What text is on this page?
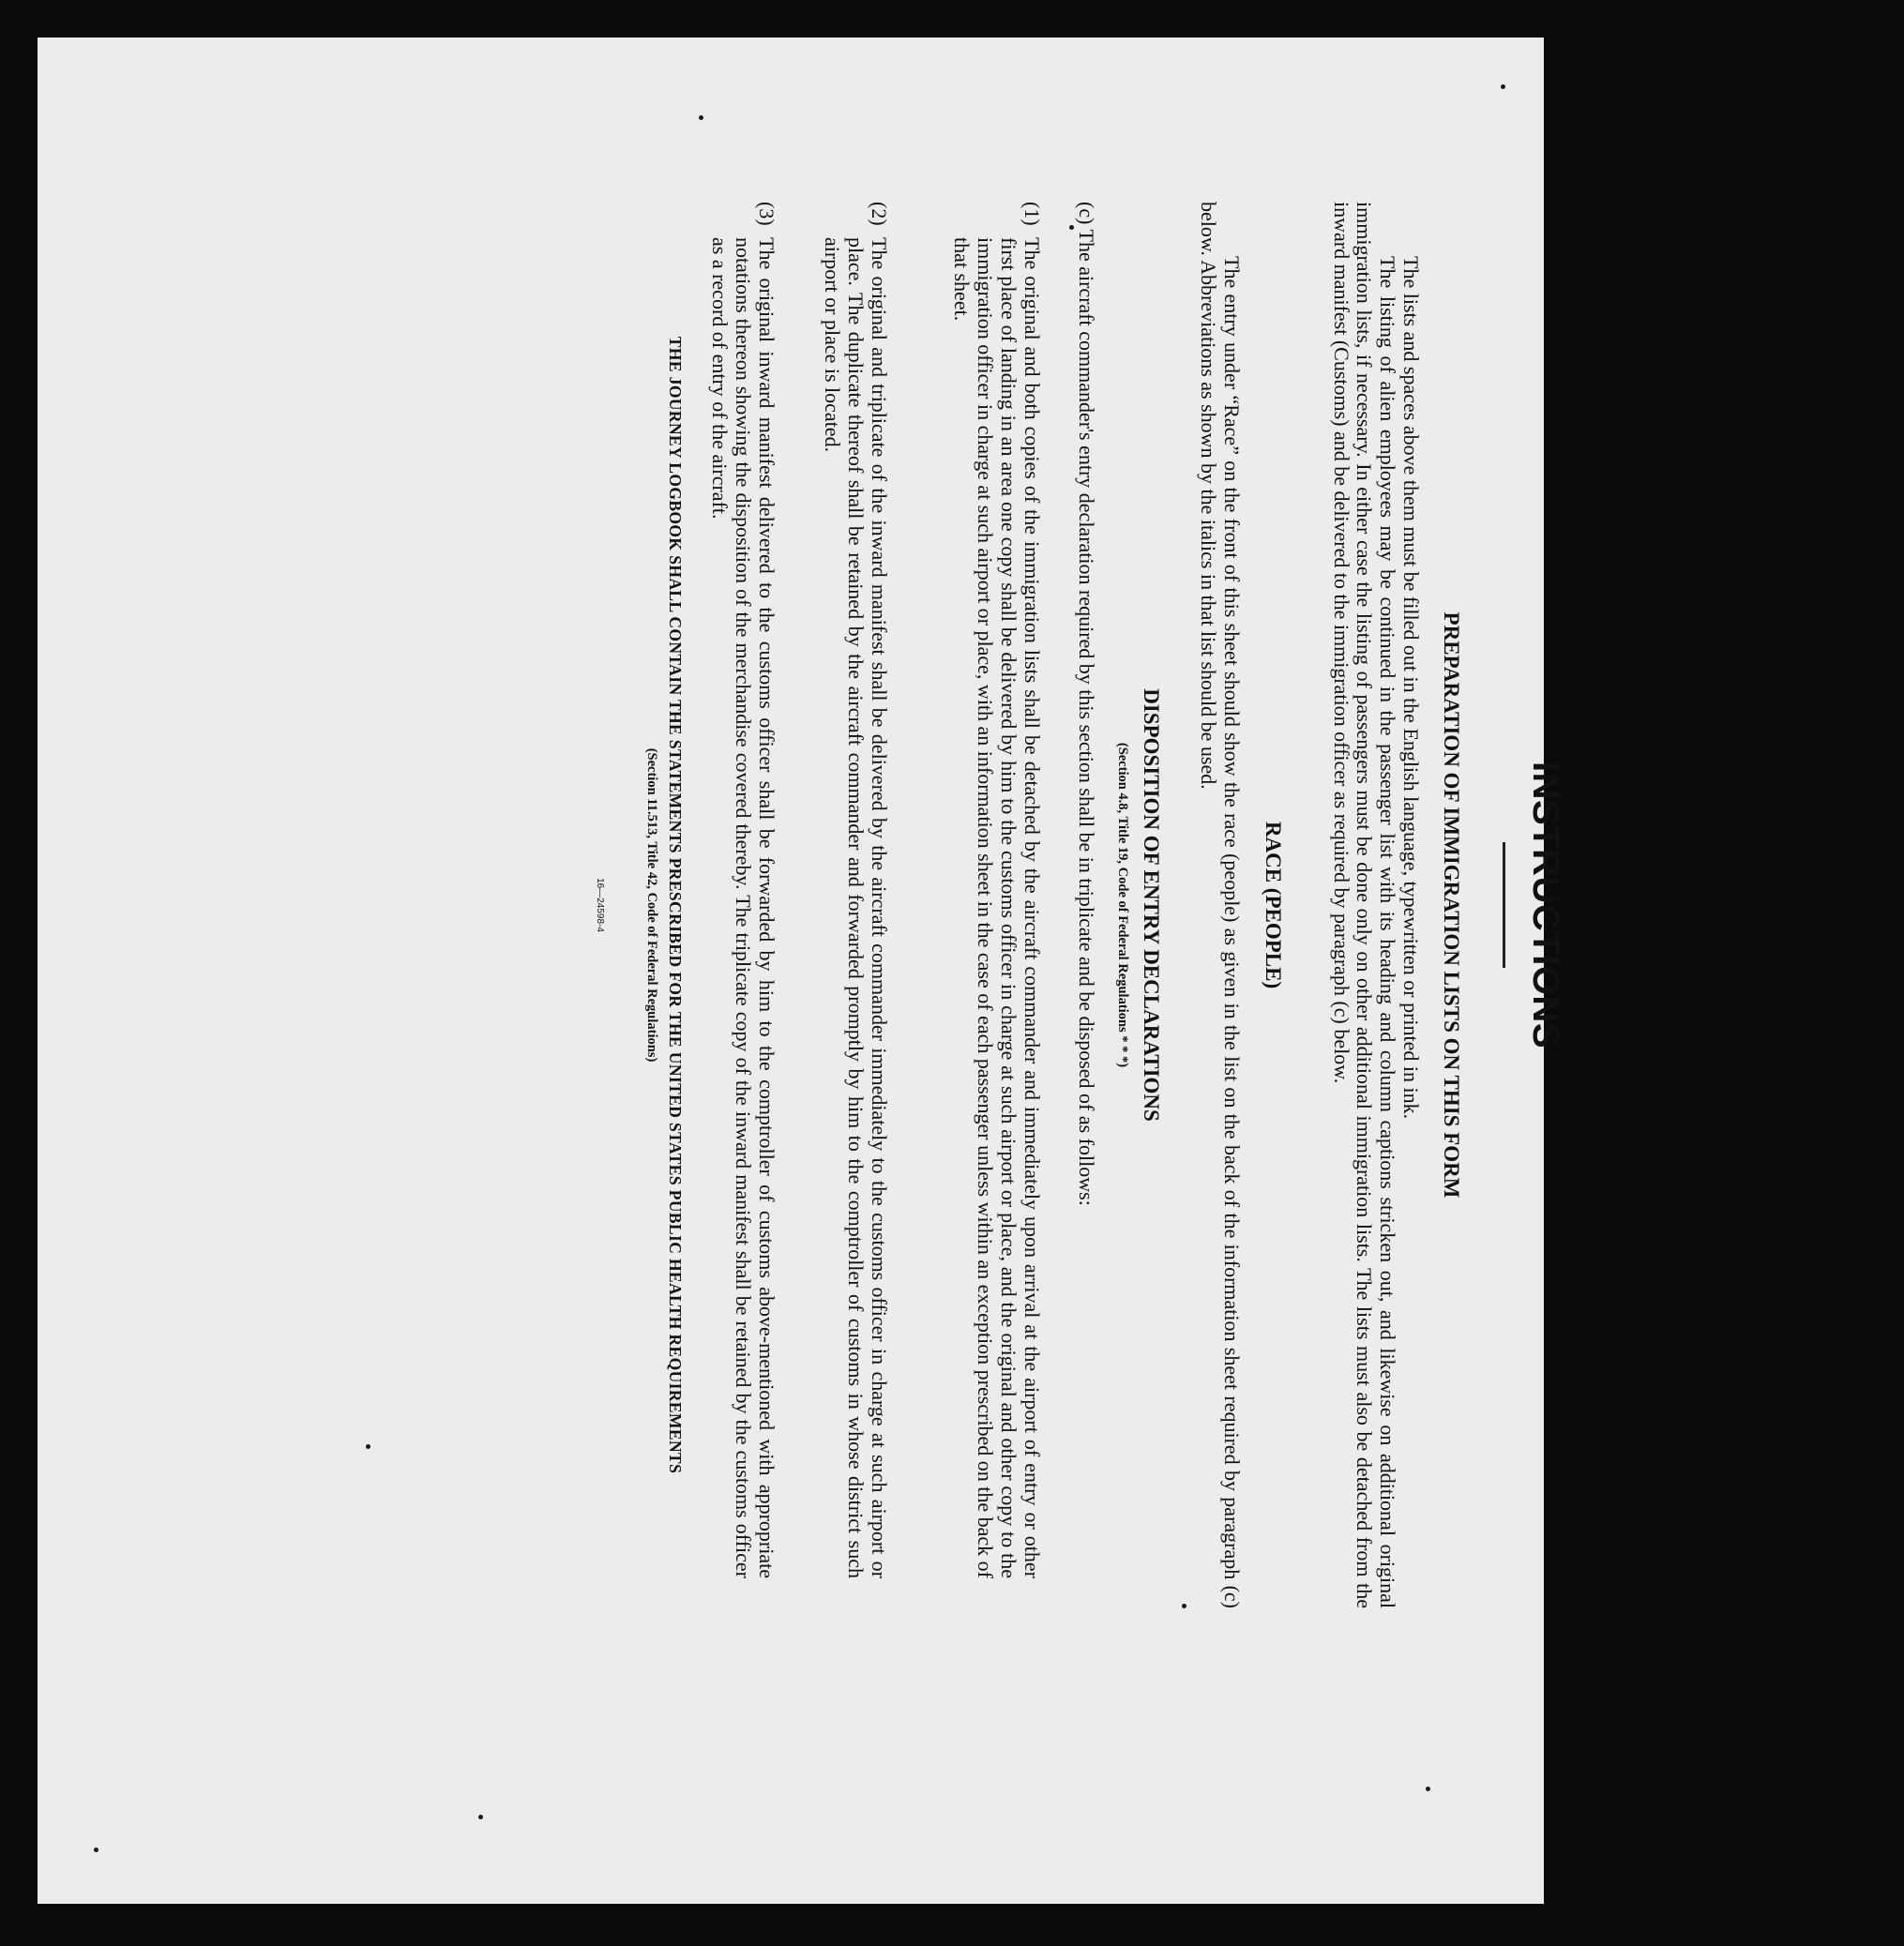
INSTRUCTIONS
PREPARATION OF IMMIGRATION LISTS ON THIS FORM
The lists and spaces above them must be filled out in the English language, typewritten or printed in ink.
The listing of alien employees may be continued in the passenger list with its heading and column captions stricken out, and likewise on additional original immigration lists, if necessary. In either case the listing of passengers must be done only on other additional immigration lists. The lists must also be detached from the inward manifest (Customs) and be delivered to the immigration officer as required by paragraph (c) below.
RACE (PEOPLE)
The entry under “Race” on the front of this sheet should show the race (people) as given in the list on the back of the information sheet required by paragraph (c) below. Abbreviations as shown by the italics in that list should be used.
DISPOSITION OF ENTRY DECLARATIONS
(Section 4.8, Title 19, Code of Federal Regulations * * *)
(c) The aircraft commander's entry declaration required by this section shall be in triplicate and be disposed of as follows:
(1)
The original and both copies of the immigration lists shall be detached by the aircraft commander and immediately upon arrival at the airport of entry or other first place of landing in an area one copy shall be delivered by him to the customs officer in charge at such airport or place, and the original and other copy to the immigration officer in charge at such airport or place, with an information sheet in the case of each passenger unless within an exception prescribed on the back of that sheet.
(2)
The original and triplicate of the inward manifest shall be delivered by the aircraft commander immediately to the customs officer in charge at such airport or place. The duplicate thereof shall be retained by the aircraft commander and forwarded promptly by him to the comptroller of customs in whose district such airport or place is located.
(3)
The original inward manifest delivered to the customs officer shall be forwarded by him to the comptroller of customs above-mentioned with appropriate notations thereon showing the disposition of the merchandise covered thereby. The triplicate copy of the inward manifest shall be retained by the customs officer as a record of entry of the aircraft.
THE JOURNEY LOGBOOK SHALL CONTAIN THE STATEMENTS PRESCRIBED FOR THE UNITED STATES PUBLIC HEALTH REQUIREMENTS
(Section 11.513, Title 42, Code of Federal Regulations)
16—24598-4
